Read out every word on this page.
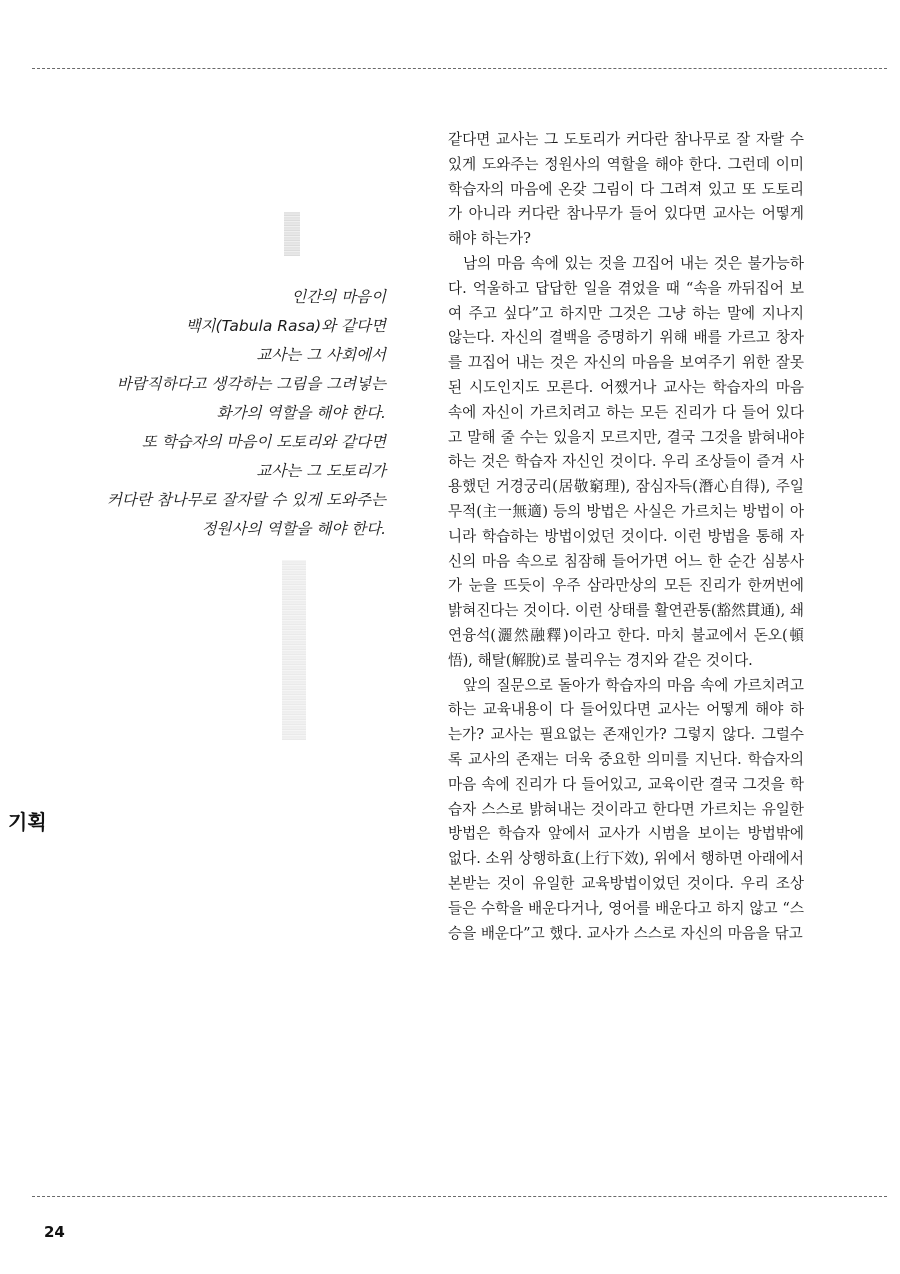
인간의 마음이
백지(Tabula Rasa)와 같다면
교사는 그 사회에서
바람직하다고 생각하는 그림을 그려넣는
화가의 역할을 해야 한다.
또 학습자의 마음이 도토리와 같다면
교사는 그 도토리가
커다란 참나무로 잘자랄 수 있게 도와주는
정원사의 역할을 해야 한다.
기획

같다면 교사는 그 도토리가 커다란 참나무로 잘 자랄 수 있게 도와주는 정원사의 역할을 해야 한다. 그런데 이미 학습자의 마음에 온갖 그림이 다 그려져 있고 또 도토리가 아니라 커다란 참나무가 들어 있다면 교사는 어떻게 해야 하는가?

남의 마음 속에 있는 것을 끄집어 내는 것은 불가능하다. 억울하고 답답한 일을 겪었을 때 “속을 까뒤집어 보여 주고 싶다”고 하지만 그것은 그냥 하는 말에 지나지 않는다. 자신의 결백을 증명하기 위해 배를 가르고 창자를 끄집어 내는 것은 자신의 마음을 보여주기 위한 잘못된 시도인지도 모른다. 어쨌거나 교사는 학습자의 마음 속에 자신이 가르치려고 하는 모든 진리가 다 들어 있다고 말해 줄 수는 있을지 모르지만, 결국 그것을 밝혀내야 하는 것은 학습자 자신인 것이다. 우리 조상들이 즐겨 사용했던 거경궁리(居敬窮理), 잠심자득(潛心自得), 주일무적(主一無適) 등의 방법은 사실은 가르치는 방법이 아니라 학습하는 방법이었던 것이다. 이런 방법을 통해 자신의 마음 속으로 침잠해 들어가면 어느 한 순간 심봉사가 눈을 뜨듯이 우주 삼라만상의 모든 진리가 한꺼번에 밝혀진다는 것이다. 이런 상태를 활연관통(豁然貫通), 쇄연융석(灑然融釋)이라고 한다. 마치 불교에서 돈오(頓悟), 해탈(解脫)로 불리우는 경지와 같은 것이다.

앞의 질문으로 돌아가 학습자의 마음 속에 가르치려고 하는 교육내용이 다 들어있다면 교사는 어떻게 해야 하는가? 교사는 필요없는 존재인가? 그렇지 않다. 그럴수록 교사의 존재는 더욱 중요한 의미를 지닌다. 학습자의 마음 속에 진리가 다 들어있고, 교육이란 결국 그것을 학습자 스스로 밝혀내는 것이라고 한다면 가르치는 유일한 방법은 학습자 앞에서 교사가 시범을 보이는 방법밖에 없다. 소위 상행하효(上行下效), 위에서 행하면 아래에서 본받는 것이 유일한 교육방법이었던 것이다. 우리 조상들은 수학을 배운다거나, 영어를 배운다고 하지 않고 “스승을 배운다”고 했다. 교사가 스스로 자신의 마음을 닦고

24
